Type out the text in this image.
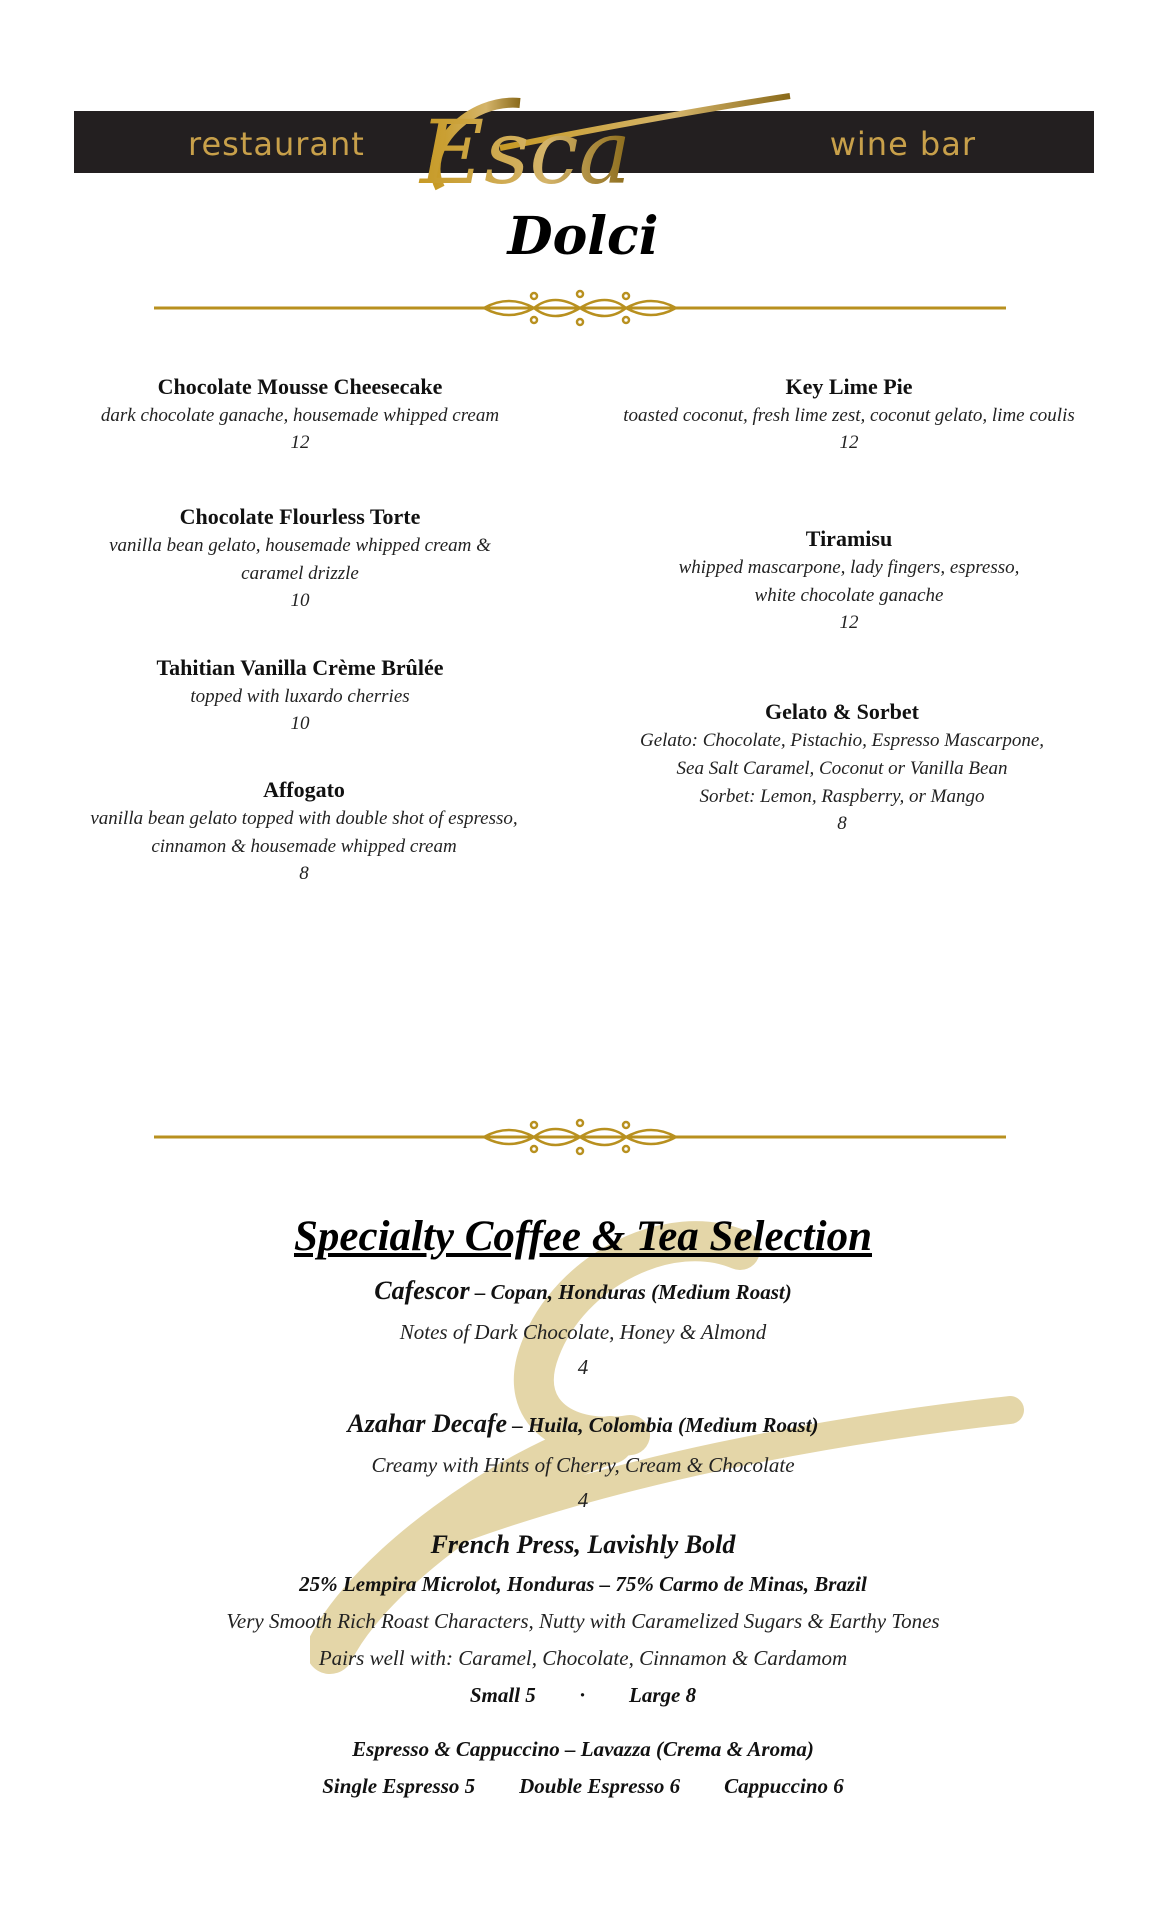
restaurant	wine bar
Esca
Dolci
Chocolate Mousse Cheesecake
dark chocolate ganache, housemade whipped cream
12
Chocolate Flourless Torte
vanilla bean gelato, housemade whipped cream &
caramel drizzle
10
Tahitian Vanilla Crème Brûlée
topped with luxardo cherries
10
Affogato
vanilla bean gelato topped with double shot of espresso,
cinnamon & housemade whipped cream
8
Key Lime Pie
toasted coconut, fresh lime zest, coconut gelato, lime coulis
12
Tiramisu
whipped mascarpone, lady fingers, espresso,
white chocolate ganache
12
Gelato & Sorbet
Gelato: Chocolate, Pistachio, Espresso Mascarpone,
Sea Salt Caramel, Coconut or Vanilla Bean
Sorbet: Lemon, Raspberry, or Mango
8
Specialty Coffee & Tea Selection
Cafescor – Copan, Honduras (Medium Roast)
Notes of Dark Chocolate, Honey & Almond
4
Azahar Decafe – Huila, Colombia (Medium Roast)
Creamy with Hints of Cherry, Cream & Chocolate
4
French Press, Lavishly Bold
25% Lempira Microlot, Honduras – 75% Carmo de Minas, Brazil
Very Smooth Rich Roast Characters, Nutty with Caramelized Sugars & Earthy Tones
Pairs well with: Caramel, Chocolate, Cinnamon & Cardamom
Small 5 · Large 8
Espresso & Cappuccino – Lavazza (Crema & Aroma)
Single Espresso 5 Double Espresso 6 Cappuccino 6
